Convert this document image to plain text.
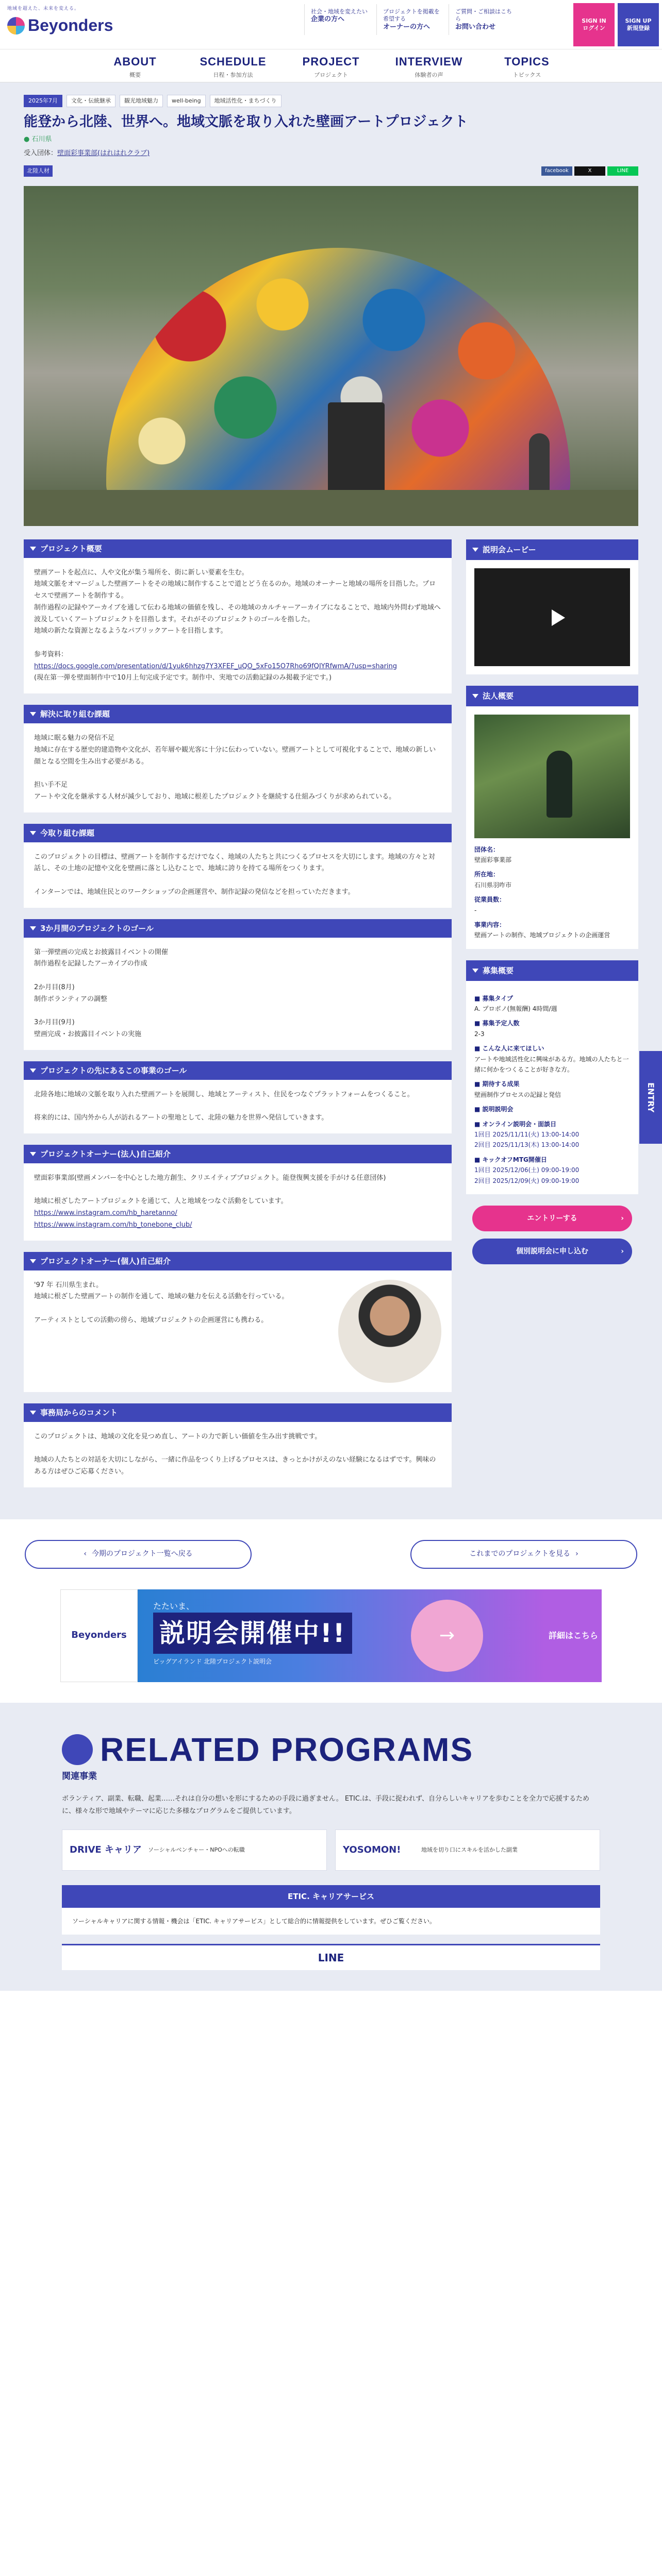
地域を超えた、未来を変える。
Beyonders
社会・地域を変えたい
企業の方へ
プロジェクトを掲載を希望する
オーナーの方へ
ご質問・ご相談はこちら
お問い合わせ
SIGN IN
ログイン
SIGN UP
新規登録
ABOUT
概要
SCHEDULE
日程・参加方法
PROJECT
プロジェクト
INTERVIEW
体験者の声
TOPICS
トピックス
2025年7月	文化・伝統継承	観光地域魅力	well-being	地域活性化・まちづくり
能登から北陸、世界へ。地域文脈を取り入れた壁画アートプロジェクト
● 石川県
受入団体：壁面彩事業部(はれはれクラブ)
北陸人材	facebook	X	LINE
プロジェクト概要
壁画アートを起点に、人や文化が集う場所を、街に新しい要素を生む。
地域文脈をオマージュした壁画アートをその地域に制作することで道とどう在るのか。地域のオーナーと地域の場所を目指した。プロセスで壁画アートを制作する。
制作過程の記録やアーカイブを通して伝わる地域の価値を残し、その地域のカルチャーアーカイブになることで、地域内外問わず地域へ波及していくアートプロジェクトを目指します。それがそのプロジェクトのゴールを指した。
地域の新たな資源となるようなパブリックアートを目指します。

参考資料：
https://docs.google.com/presentation/d/1yuk6hhzg7Y3XFEF_uQO_5xFo15O7Rho69fQIYRfwmA/?usp=sharing
(現在第一弾を壁面制作中で10月上旬完成予定です。制作中、実地での活動記録のみ掲載予定です。)
解決に取り組む課題
地域に眠る魅力の発信不足
地域に存在する歴史的建造物や文化が、若年層や観光客に十分に伝わっていない。壁画アートとして可視化することで、地域の新しい顔となる空間を生み出す必要がある。

担い手不足
アートや文化を継承する人材が減少しており、地域に根差したプロジェクトを継続する仕組みづくりが求められている。
今取り組む課題
このプロジェクトの目標は、壁画アートを制作するだけでなく、地域の人たちと共につくるプロセスを大切にします。地域の方々と対話し、その土地の記憶や文化を壁画に落とし込むことで、地域に誇りを持てる場所をつくります。

インターンでは、地域住民とのワークショップの企画運営や、制作記録の発信などを担っていただきます。
3か月間のプロジェクトのゴール
第一弾壁画の完成とお披露目イベントの開催
制作過程を記録したアーカイブの作成

2か月目(8月)
制作ボランティアの調整

3か月目(9月)
壁画完成・お披露目イベントの実施
プロジェクトの先にあるこの事業のゴール
北陸各地に地域の文脈を取り入れた壁画アートを展開し、地域とアーティスト、住民をつなぐプラットフォームをつくること。

将来的には、国内外から人が訪れるアートの聖地として、北陸の魅力を世界へ発信していきます。
プロジェクトオーナー(法人)自己紹介
壁面彩事業部(壁画メンバーを中心とした地方創生、クリエイティブプロジェクト。能登復興支援を手がける任意団体)

地域に根ざしたアートプロジェクトを通じて、人と地域をつなぐ活動をしています。
https://www.instagram.com/hb_haretanno/
https://www.instagram.com/hb_tonebone_club/
プロジェクトオーナー(個人)自己紹介
'97 年 石川県生まれ。
地域に根ざした壁画アートの制作を通して、地域の魅力を伝える活動を行っている。

アーティストとしての活動の傍ら、地域プロジェクトの企画運営にも携わる。
事務局からのコメント
このプロジェクトは、地域の文化を見つめ直し、アートの力で新しい価値を生み出す挑戦です。

地域の人たちとの対話を大切にしながら、一緒に作品をつくり上げるプロセスは、きっとかけがえのない経験になるはずです。興味のある方はぜひご応募ください。
説明会ムービー
法人概要
団体名：
壁面彩事業部
所在地：
石川県羽咋市
従業員数：
-
事業内容：
壁画アートの制作、地域プロジェクトの企画運営
募集概要
■ 募集タイプ
A. プロボノ(無報酬) 4時間/週
■ 募集予定人数
2-3
■ こんな人に来てほしい
アートや地域活性化に興味がある方。地域の人たちと一緒に何かをつくることが好きな方。
■ 期待する成果
壁画制作プロセスの記録と発信
■ 説明説明会
■ オンライン説明会・面談日
1回目 2025/11/11(火) 13:00-14:00
2回目 2025/11/13(木) 13:00-14:00
■ キックオフMTG開催日
1回目 2025/12/06(土) 09:00-19:00
2回目 2025/12/09(火) 09:00-19:00
エントリーする	›
個別説明会に申し込む	›
ENTRY
‹ 今期のプロジェクト一覧へ戻る	これまでのプロジェクトを見る ›
Beyonders
たたいま、
説明会開催中!!
ビッグアイランド 北陸プロジェクト説明会
→	詳細はこちら
RELATED PROGRAMS
関連事業
ボランティア、副業、転職、起業……それは自分の想いを形にするための手段に過ぎません。 ETIC.は、手段に捉われず、自分らしいキャリアを歩むことを全力で応援するために、様々な形で地域やテーマに応じた多様なプログラムをご提供しています。
DRIVE キャリア ソーシャルベンチャー・NPOへの転職	YOSOMON!	地域を切り口にスキルを活かした副業
ETIC. キャリアサービス
ソーシャルキャリアに関する情報・機会は「ETIC. キャリアサービス」として総合的に情報提供をしています。ぜひご覧ください。
LINE
